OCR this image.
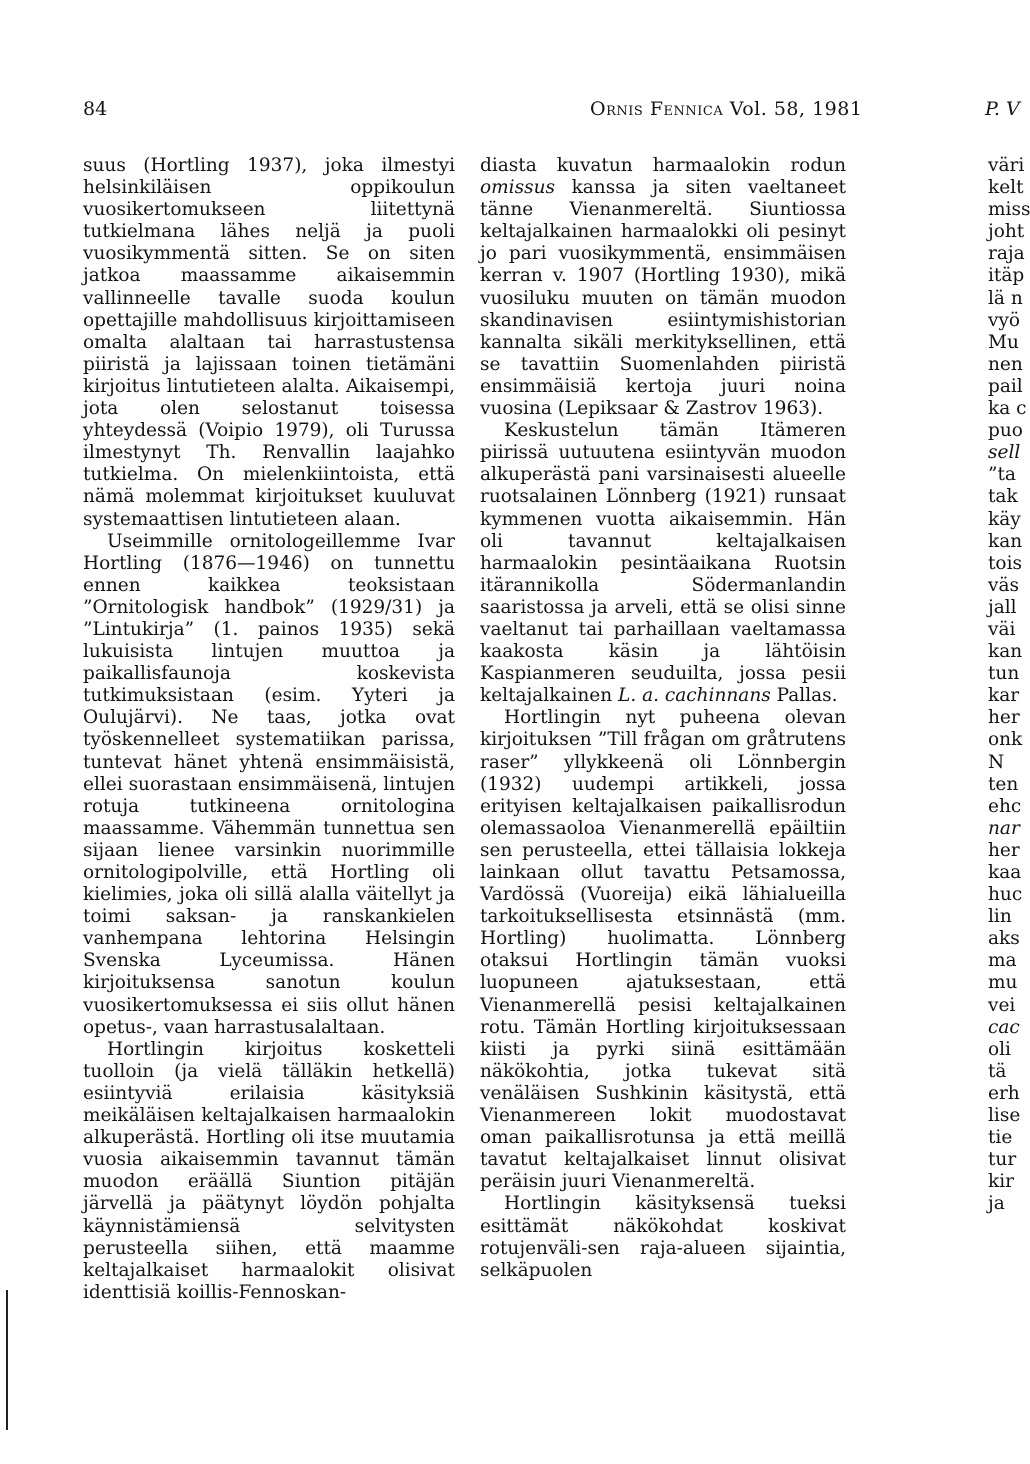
84	Ornis Fennica Vol. 58, 1981	P. V

suus (Hortling 1937), joka ilmestyi helsinkiläisen oppikoulun vuosikertomukseen liitettynä tutkielmana lähes neljä ja puoli vuosikymmentä sitten. Se on siten jatkoa maassamme aikaisemmin vallinneelle tavalle suoda koulun opettajille mahdollisuus kirjoittamiseen omalta alaltaan tai harrastustensa piiristä ja lajissaan toinen tietämäni kirjoitus lintutieteen alalta. Aikaisempi, jota olen selostanut toisessa yhteydessä (Voipio 1979), oli Turussa ilmestynyt Th. Renvallin laajahko tutkielma. On mielenkiintoista, että nämä molemmat kirjoitukset kuuluvat systemaattisen lintutieteen alaan.

Useimmille ornitologeillemme Ivar Hortling (1876—1946) on tunnettu ennen kaikkea teoksistaan ”Ornitologisk handbok” (1929/31) ja ”Lintukirja” (1. painos 1935) sekä lukuisista lintujen muuttoa ja paikallisfaunoja koskevista tutkimuksistaan (esim. Yyteri ja Oulujärvi). Ne taas, jotka ovat työskennelleet systematiikan parissa, tuntevat hänet yhtenä ensimmäisistä, ellei suorastaan ensimmäisenä, lintujen rotuja tutkineena ornitologina maassamme. Vähemmän tunnettua sen sijaan lienee varsinkin nuorimmille ornitologipolville, että Hortling oli kielimies, joka oli sillä alalla väitellyt ja toimi saksan- ja ranskankielen vanhempana lehtorina Helsingin Svenska Lyceumissa. Hänen kirjoituksensa sanotun koulun vuosikertomuksessa ei siis ollut hänen opetus-, vaan harrastusalaltaan.

Hortlingin kirjoitus kosketteli tuolloin (ja vielä tälläkin hetkellä) esiintyviä erilaisia käsityksiä meikäläisen keltajalkaisen harmaalokin alkuperästä. Hortling oli itse muutamia vuosia aikaisemmin tavannut tämän muodon eräällä Siuntion pitäjän järvellä ja päätynyt löydön pohjalta käynnistämiensä selvitysten perusteella siihen, että maamme keltajalkaiset harmaalokit olisivat identtisiä koillis-Fennoskan-

diasta kuvatun harmaalokin rodun omissus kanssa ja siten vaeltaneet tänne Vienanmereltä. Siuntiossa keltajalkainen harmaalokki oli pesinyt jo pari vuosikymmentä, ensimmäisen kerran v. 1907 (Hortling 1930), mikä vuosiluku muuten on tämän muodon skandinavisen esiintymishistorian kannalta sikäli merkityksellinen, että se tavattiin Suomenlahden piiristä ensimmäisiä kertoja juuri noina vuosina (Lepiksaar & Zastrov 1963).

Keskustelun tämän Itämeren piirissä uutuutena esiintyvän muodon alkuperästä pani varsinaisesti alueelle ruotsalainen Lönnberg (1921) runsaat kymmenen vuotta aikaisemmin. Hän oli tavannut keltajalkaisen harmaalokin pesintäaikana Ruotsin itärannikolla Södermanlandin saaristossa ja arveli, että se olisi sinne vaeltanut tai parhaillaan vaeltamassa kaakosta käsin ja lähtöisin Kaspianmeren seuduilta, jossa pesii keltajalkainen L. a. cachinnans Pallas.

Hortlingin nyt puheena olevan kirjoituksen ”Till frågan om gråtrutens raser” yllykkeenä oli Lönnbergin (1932) uudempi artikkeli, jossa erityisen keltajalkaisen paikallisrodun olemassaoloa Vienanmerellä epäiltiin sen perusteella, ettei tällaisia lokkeja lainkaan ollut tavattu Petsamossa, Vardössä (Vuoreija) eikä lähialueilla tarkoituksellisesta etsinnästä (mm. Hortling) huolimatta. Lönnberg otaksui Hortlingin tämän vuoksi luopuneen ajatuksestaan, että Vienanmerellä pesisi keltajalkainen rotu. Tämän Hortling kirjoituksessaan kiisti ja pyrki siinä esittämään näkökohtia, jotka tukevat sitä venäläisen Sushkinin käsitystä, että Vienanmereen lokit muodostavat oman paikallisrotunsa ja että meillä tavatut keltajalkaiset linnut olisivat peräisin juuri Vienanmereltä.

Hortlingin käsityksensä tueksi esittämät näkökohdat koskivat rotujenväli-sen raja-alueen sijaintia, selkäpuolen

väri
kelt
miss
joht
raja
itäp
lä n
vyö
Mu
nen
pail
ka c
puo
sell
”ta
tak
käy
kan
tois
väs
jall
väi
kan
tun
kar
her
onk
N
ten
ehc
nar
her
kaa
huc
lin
aks
ma
mu
vei
cac
oli
tä
erh
lise
tie
tur
kir
ja
